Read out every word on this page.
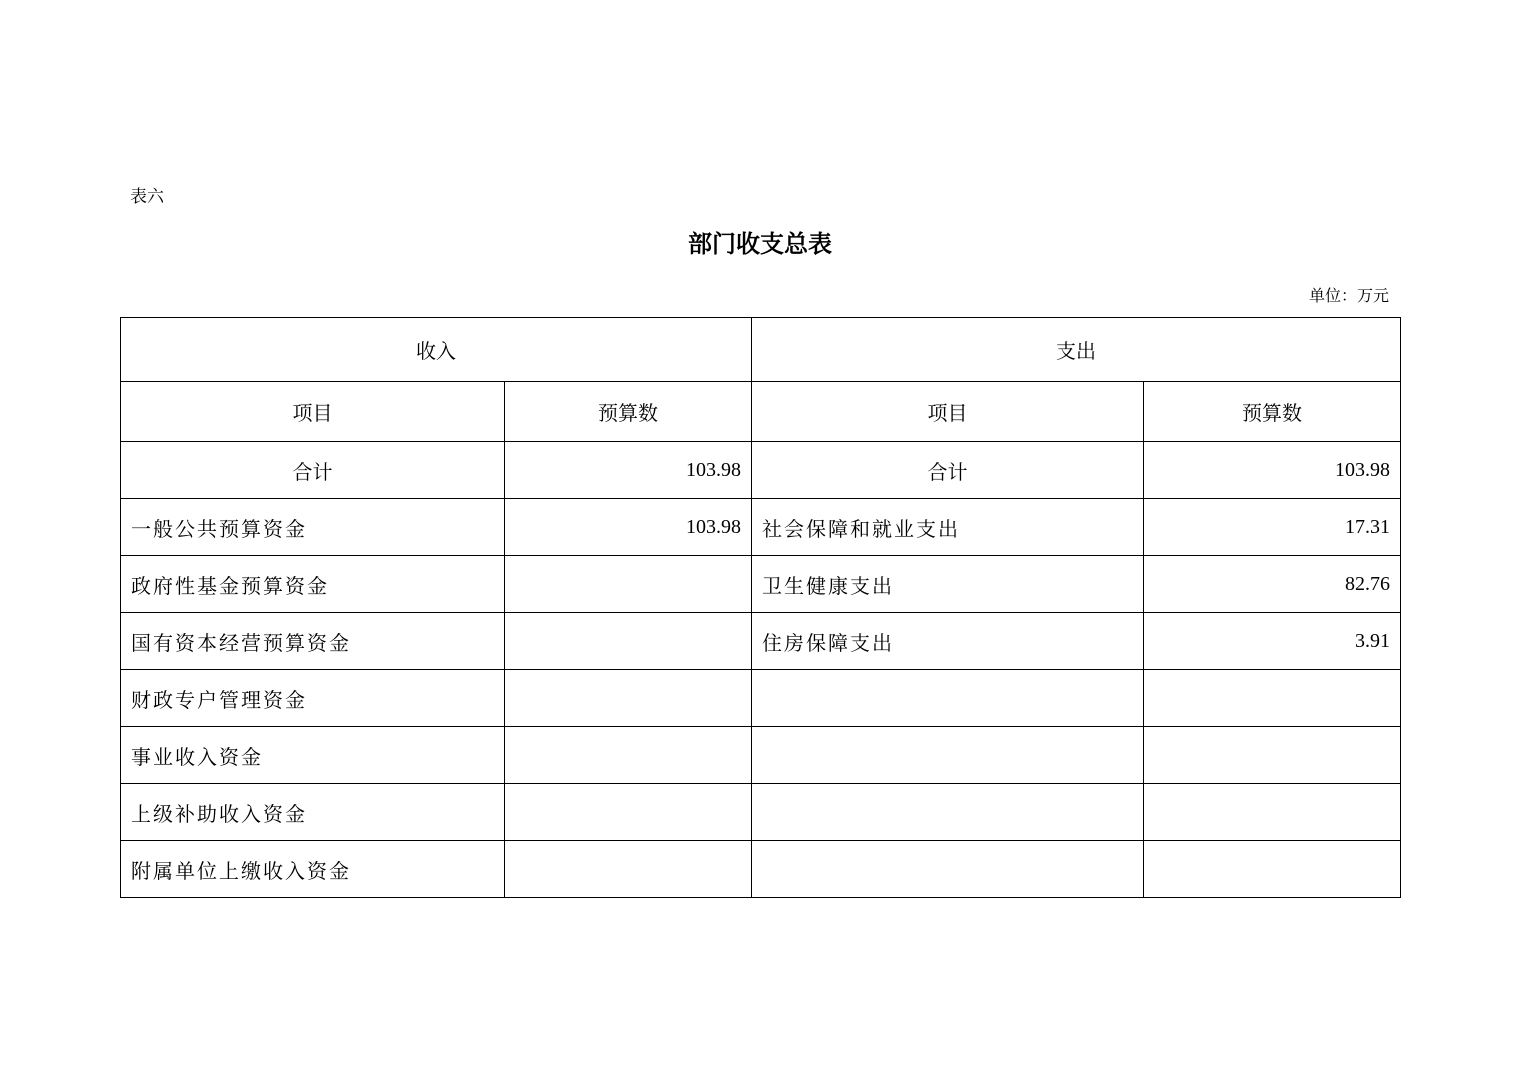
表六
部门收支总表
单位：万元
收入		支出	
项目	预算数	项目	预算数
合计	103.98	合计	103.98
一般公共预算资金	103.98	社会保障和就业支出	17.31
政府性基金预算资金		卫生健康支出	82.76
国有资本经营预算资金		住房保障支出	3.91
财政专户管理资金			
事业收入资金			
上级补助收入资金			
附属单位上缴收入资金			
